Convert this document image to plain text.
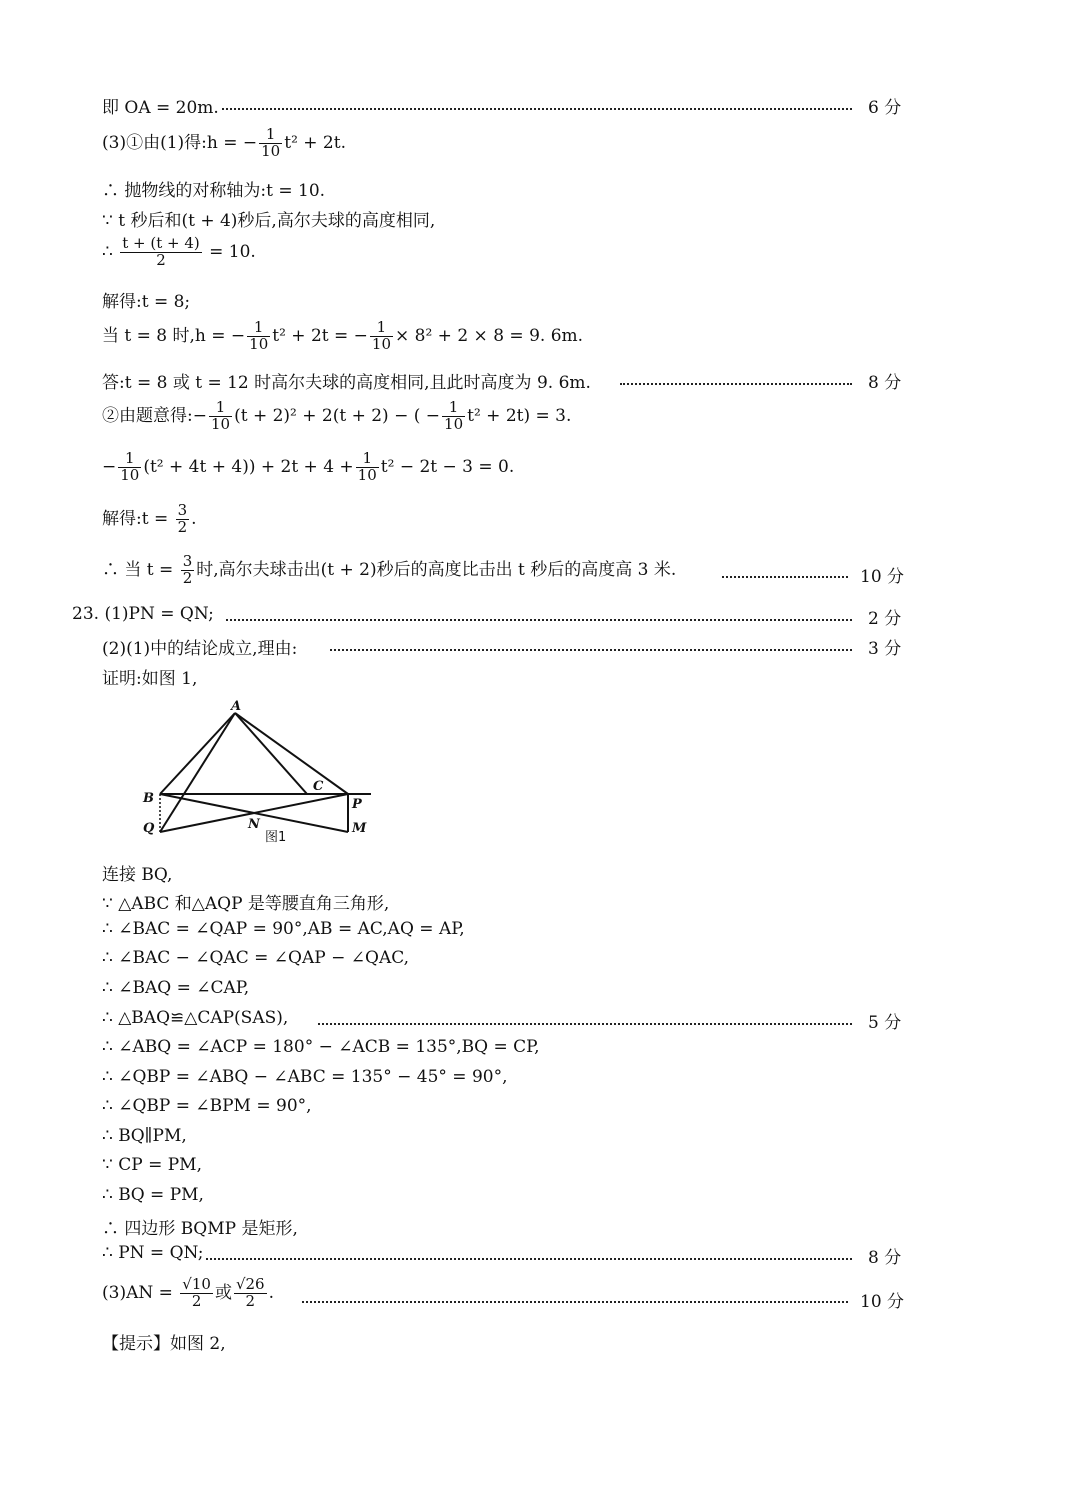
即 OA = 20m.	6 分
(3)①由(1)得:h = − $\frac{1}{10} t^2 + 2t$.
∴ 抛物线的对称轴为:t = 10.
∵ t 秒后和(t + 4)秒后,高尔夫球的高度相同,
∴ $\frac{t + (t + 4)}{2} = 10$.
解得:t = 8;
当 t = 8 时,h = − $\frac{1}{10} t^2 + 2t$ = − $\frac{1}{10} \times 8^2 + 2 \times 8 = 9$. 6m.
答:t = 8 或 t = 12 时高尔夫球的高度相同,且此时高度为 9. 6m.	8 分
②由题意得:− $\frac{1}{10} (t + 2)^2 + 2(t + 2)$ − ( − $\frac{1}{10} t^2 + 2t) = 3$.
− $\frac{1}{10} (t^2 + 4t + 4)) + 2t + 4 + \frac{1}{10} t^2 - 2t - 3 = 0$.
解得:t = $\frac{3}{2}$ .
∴ 当 $t = \frac{3}{2}$ 时,高尔夫球击出(t + 2)秒后的高度比击出 t 秒后的高度高 3 米.	10 分
23. (1)PN = QN;	2 分
(2)(1)中的结论成立,理由:	3 分
证明:如图 1,
A
B
C
P
Q	N	M
图1
连接 BQ,
∵ △ABC 和△AQP 是等腰直角三角形,
∴ ∠BAC = ∠QAP = 90°,AB = AC,AQ = AP,
∴ ∠BAC − ∠QAC = ∠QAP − ∠QAC,
∴ ∠BAQ = ∠CAP,
∴ △BAQ≌△CAP(SAS),	5 分
∴ ∠ABQ = ∠ACP = 180° − ∠ACB = 135°,BQ = CP,
∴ ∠QBP = ∠ABQ − ∠ABC = 135° − 45° = 90°,
∴ ∠QBP = ∠BPM = 90°,
∴ BQ∥PM,
∵ CP = PM,
∴ BQ = PM,
∴ 四边形 BQMP 是矩形,
∴ PN = QN;	8 分
$(3)AN = \frac{√10}{2}$ 或 $\frac{√26}{2}$ .	10 分
【提示】如图 2,
